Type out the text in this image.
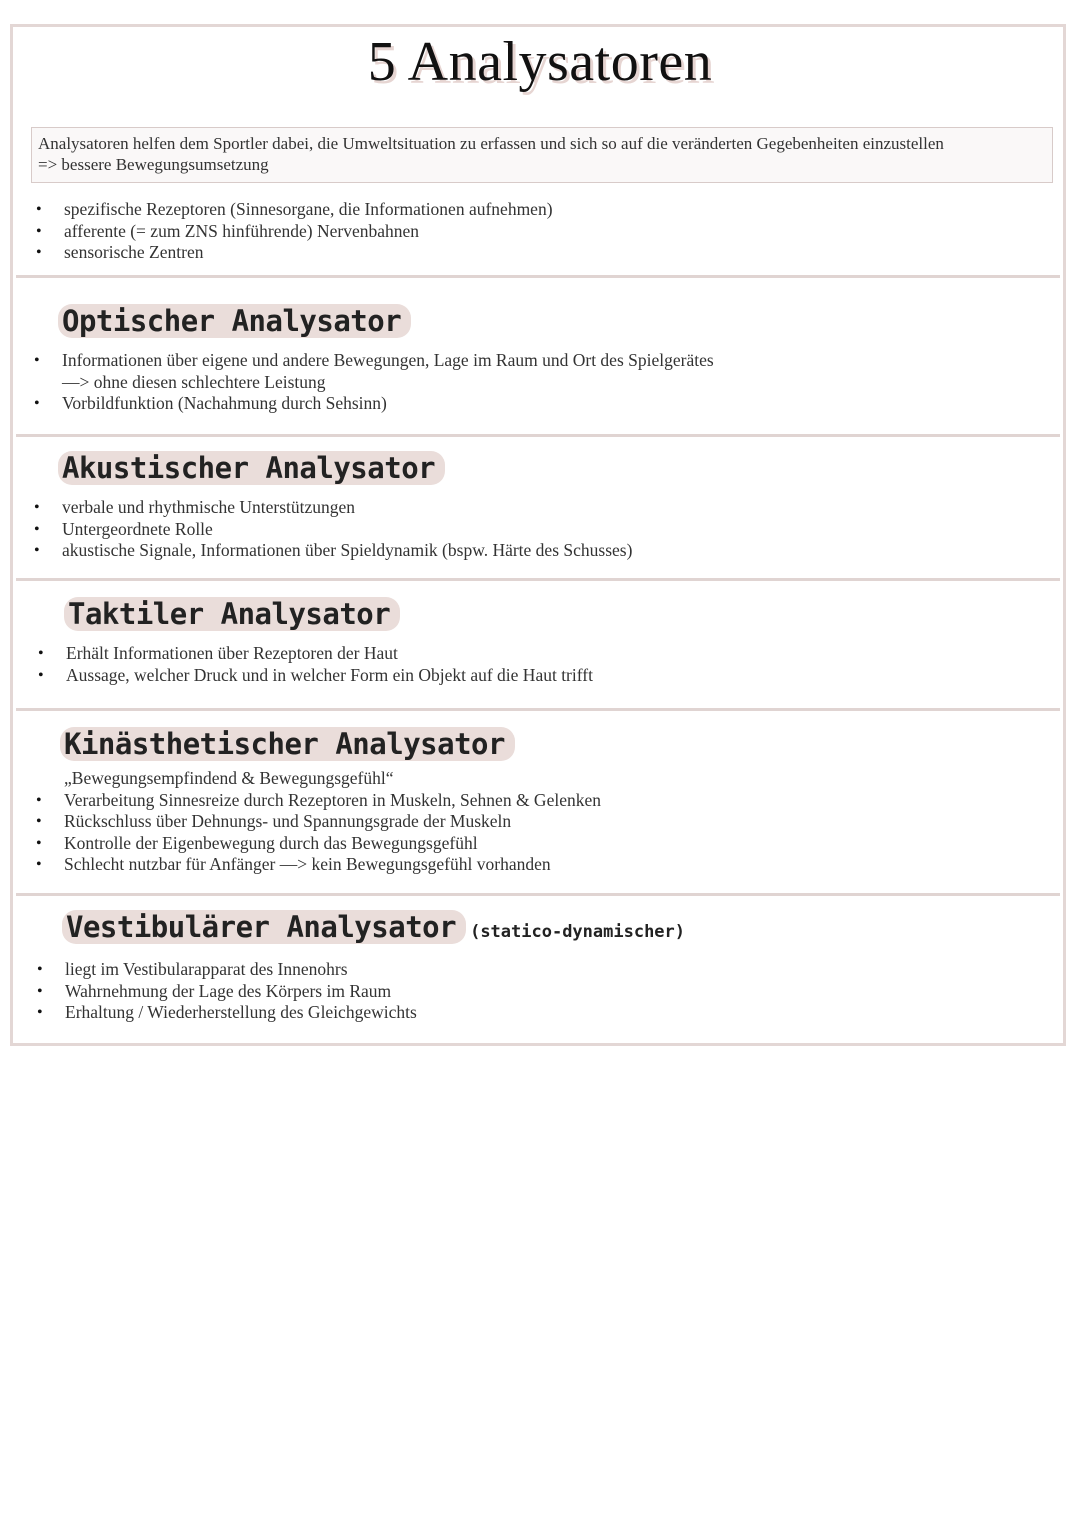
5 Analysatoren
Analysatoren helfen dem Sportler dabei, die Umweltsituation zu erfassen und sich so auf die veränderten Gegebenheiten einzustellen
=> bessere Bewegungsumsetzung
• spezifische Rezeptoren (Sinnesorgane, die Informationen aufnehmen)
• afferente (= zum ZNS hinführende) Nervenbahnen
• sensorische Zentren
Optischer Analysator
• Informationen über eigene und andere Bewegungen, Lage im Raum und Ort des Spielgerätes
—> ohne diesen schlechtere Leistung
• Vorbildfunktion (Nachahmung durch Sehsinn)
Akustischer Analysator
• verbale und rhythmische Unterstützungen
• Untergeordnete Rolle
• akustische Signale, Informationen über Spieldynamik (bspw. Härte des Schusses)
Taktiler Analysator
• Erhält Informationen über Rezeptoren der Haut
• Aussage, welcher Druck und in welcher Form ein Objekt auf die Haut trifft
Kinästhetischer Analysator
„Bewegungsempfindend & Bewegungsgefühl“
• Verarbeitung Sinnesreize durch Rezeptoren in Muskeln, Sehnen & Gelenken
• Rückschluss über Dehnungs- und Spannungsgrade der Muskeln
• Kontrolle der Eigenbewegung durch das Bewegungsgefühl
• Schlecht nutzbar für Anfänger —> kein Bewegungsgefühl vorhanden
Vestibulärer Analysator (statico-dynamischer)
• liegt im Vestibularapparat des Innenohrs
• Wahrnehmung der Lage des Körpers im Raum
• Erhaltung / Wiederherstellung des Gleichgewichts
